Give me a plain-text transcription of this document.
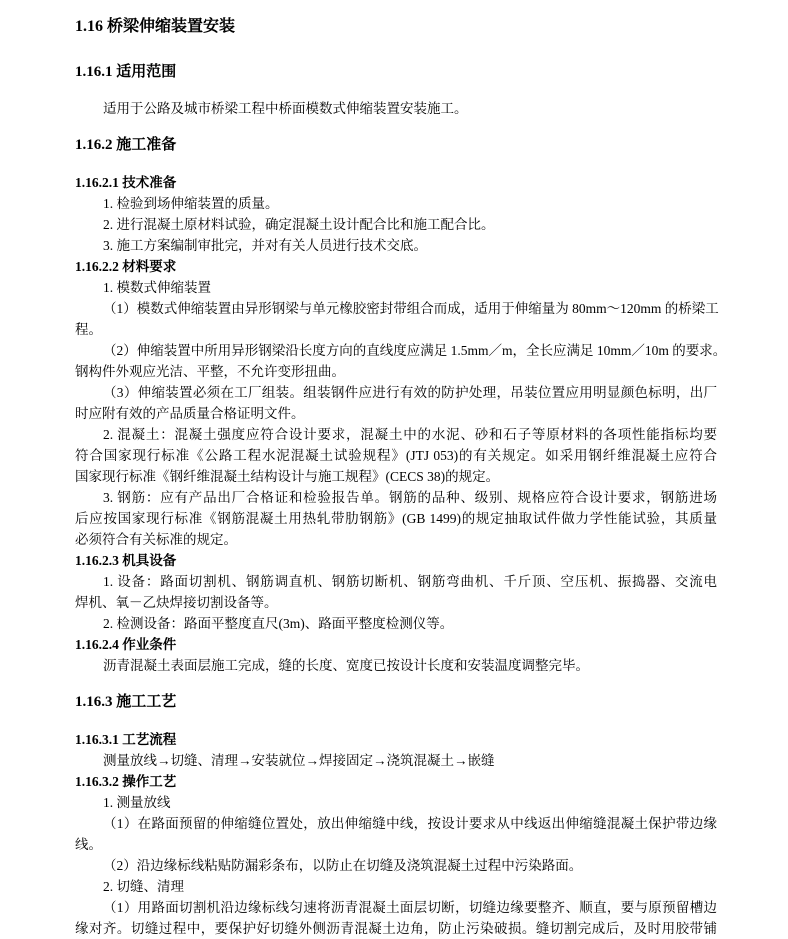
1.16 桥梁伸缩装置安装
1.16.1 适用范围
适用于公路及城市桥梁工程中桥面模数式伸缩装置安装施工。
1.16.2 施工准备
1.16.2.1 技术准备
1. 检验到场伸缩装置的质量。
2. 进行混凝土原材料试验，确定混凝土设计配合比和施工配合比。
3. 施工方案编制审批完，并对有关人员进行技术交底。
1.16.2.2 材料要求
1. 模数式伸缩装置
（1）模数式伸缩装置由异形钢梁与单元橡胶密封带组合而成，适用于伸缩量为 80mm～120mm 的桥梁工
程。
（2）伸缩装置中所用异形钢梁沿长度方向的直线度应满足 1.5mm／m，全长应满足 10mm／10m 的要求。
钢构件外观应光洁、平整，不允许变形扭曲。
（3）伸缩装置必须在工厂组装。组装钢件应进行有效的防护处理，吊装位置应用明显颜色标明，出厂
时应附有效的产品质量合格证明文件。
2. 混凝土：混凝土强度应符合设计要求，混凝土中的水泥、砂和石子等原材料的各项性能指标均要
符合国家现行标准《公路工程水泥混凝土试验规程》(JTJ 053)的有关规定。如采用钢纤维混凝土应符合
国家现行标准《钢纤维混凝土结构设计与施工规程》(CECS 38)的规定。
3. 钢筋：应有产品出厂合格证和检验报告单。钢筋的品种、级别、规格应符合设计要求，钢筋进场
后应按国家现行标准《钢筋混凝土用热轧带肋钢筋》(GB 1499)的规定抽取试件做力学性能试验，其质量
必须符合有关标准的规定。
1.16.2.3 机具设备
1. 设备：路面切割机、钢筋调直机、钢筋切断机、钢筋弯曲机、千斤顶、空压机、振捣器、交流电
焊机、氧－乙炔焊接切割设备等。
2. 检测设备：路面平整度直尺(3m)、路面平整度检测仪等。
1.16.2.4 作业条件
沥青混凝土表面层施工完成，缝的长度、宽度已按设计长度和安装温度调整完毕。
1.16.3 施工工艺
1.16.3.1 工艺流程
测量放线→切缝、清理→安装就位→焊接固定→浇筑混凝土→嵌缝
1.16.3.2 操作工艺
1. 测量放线
（1）在路面预留的伸缩缝位置处，放出伸缩缝中线，按设计要求从中线返出伸缩缝混凝土保护带边缘
线。
（2）沿边缘标线粘贴防漏彩条布，以防止在切缝及浇筑混凝土过程中污染路面。
2. 切缝、清理
（1）用路面切割机沿边缘标线匀速将沥青混凝土面层切断，切缝边缘要整齐、顺直，要与原预留槽边
缘对齐。切缝过程中，要保护好切缝外侧沥青混凝土边角，防止污染破损。缝切割完成后，及时用胶带铺
